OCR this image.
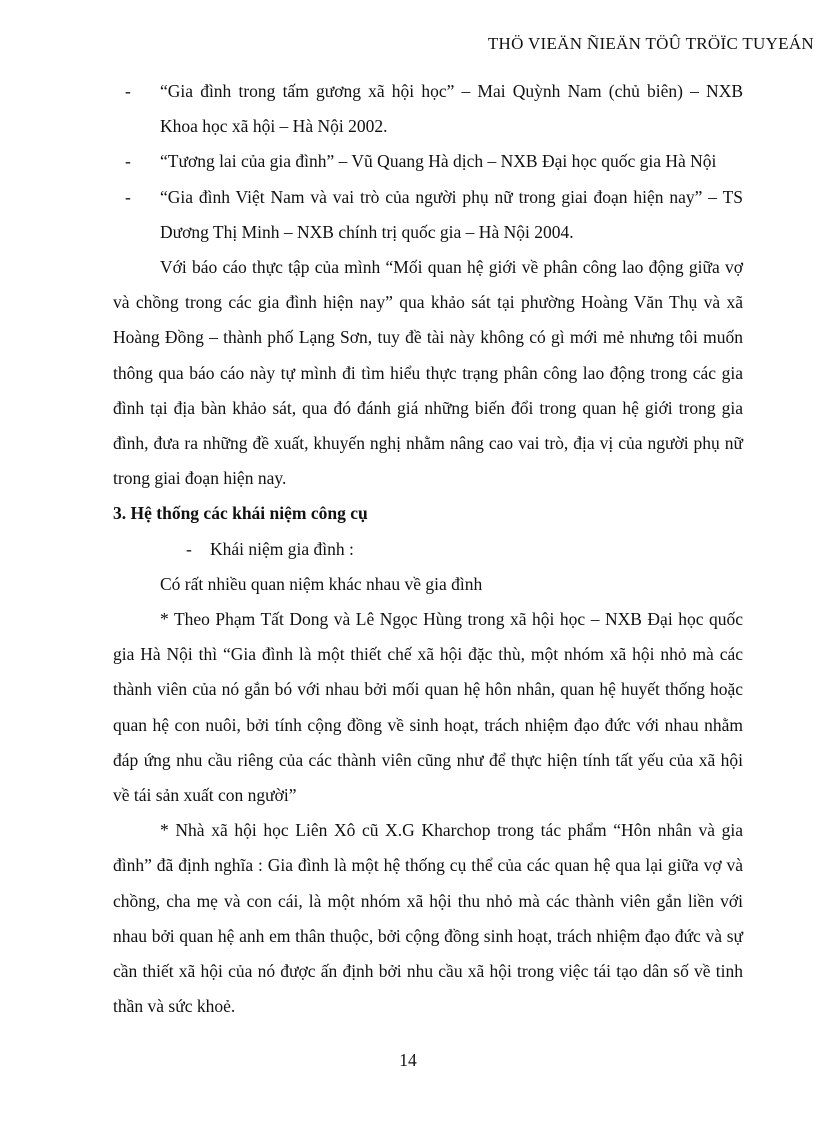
THÖ VIEÄN ÑIEÄN TÖÛ TRÖÏC TUYEÁN
- “Gia đình trong tấm gương xã hội học” – Mai Quỳnh Nam (chủ biên) – NXB Khoa học xã hội – Hà Nội 2002.
- “Tương lai của gia đình” – Vũ Quang Hà dịch – NXB Đại học quốc gia Hà Nội
- “Gia đình Việt Nam và vai trò của người phụ nữ trong giai đoạn hiện nay” – TS Dương Thị Minh – NXB chính trị quốc gia – Hà Nội 2004.
Với báo cáo thực tập của mình “Mối quan hệ giới về phân công lao động giữa vợ và chồng trong các gia đình hiện nay” qua khảo sát tại phường Hoàng Văn Thụ và xã Hoàng Đồng – thành phố Lạng Sơn, tuy đề tài này không có gì mới mẻ nhưng tôi muốn thông qua báo cáo này tự mình đi tìm hiểu thực trạng phân công lao động trong các gia đình tại địa bàn khảo sát, qua đó đánh giá những biến đổi trong quan hệ giới trong gia đình, đưa ra những đề xuất, khuyến nghị nhằm nâng cao vai trò, địa vị của người phụ nữ trong giai đoạn hiện nay.
3. Hệ thống các khái niệm công cụ
- Khái niệm gia đình :
Có rất nhiều quan niệm khác nhau về gia đình
* Theo Phạm Tất Dong và Lê Ngọc Hùng trong xã hội học – NXB Đại học quốc gia Hà Nội thì “Gia đình là một thiết chế xã hội đặc thù, một nhóm xã hội nhỏ mà các thành viên của nó gắn bó với nhau bởi mối quan hệ hôn nhân, quan hệ huyết thống hoặc quan hệ con nuôi, bởi tính cộng đồng về sinh hoạt, trách nhiệm đạo đức với nhau nhằm đáp ứng nhu cầu riêng của các thành viên cũng như để thực hiện tính tất yếu của xã hội về tái sản xuất con người”
* Nhà xã hội học Liên Xô cũ X.G Kharchop trong tác phẩm “Hôn nhân và gia đình” đã định nghĩa : Gia đình là một hệ thống cụ thể của các quan hệ qua lại giữa vợ và chồng, cha mẹ và con cái, là một nhóm xã hội thu nhỏ mà các thành viên gắn liền với nhau bởi quan hệ anh em thân thuộc, bởi cộng đồng sinh hoạt, trách nhiệm đạo đức và sự cần thiết xã hội của nó được ấn định bởi nhu cầu xã hội trong việc tái tạo dân số về tinh thần và sức khoẻ.
14
